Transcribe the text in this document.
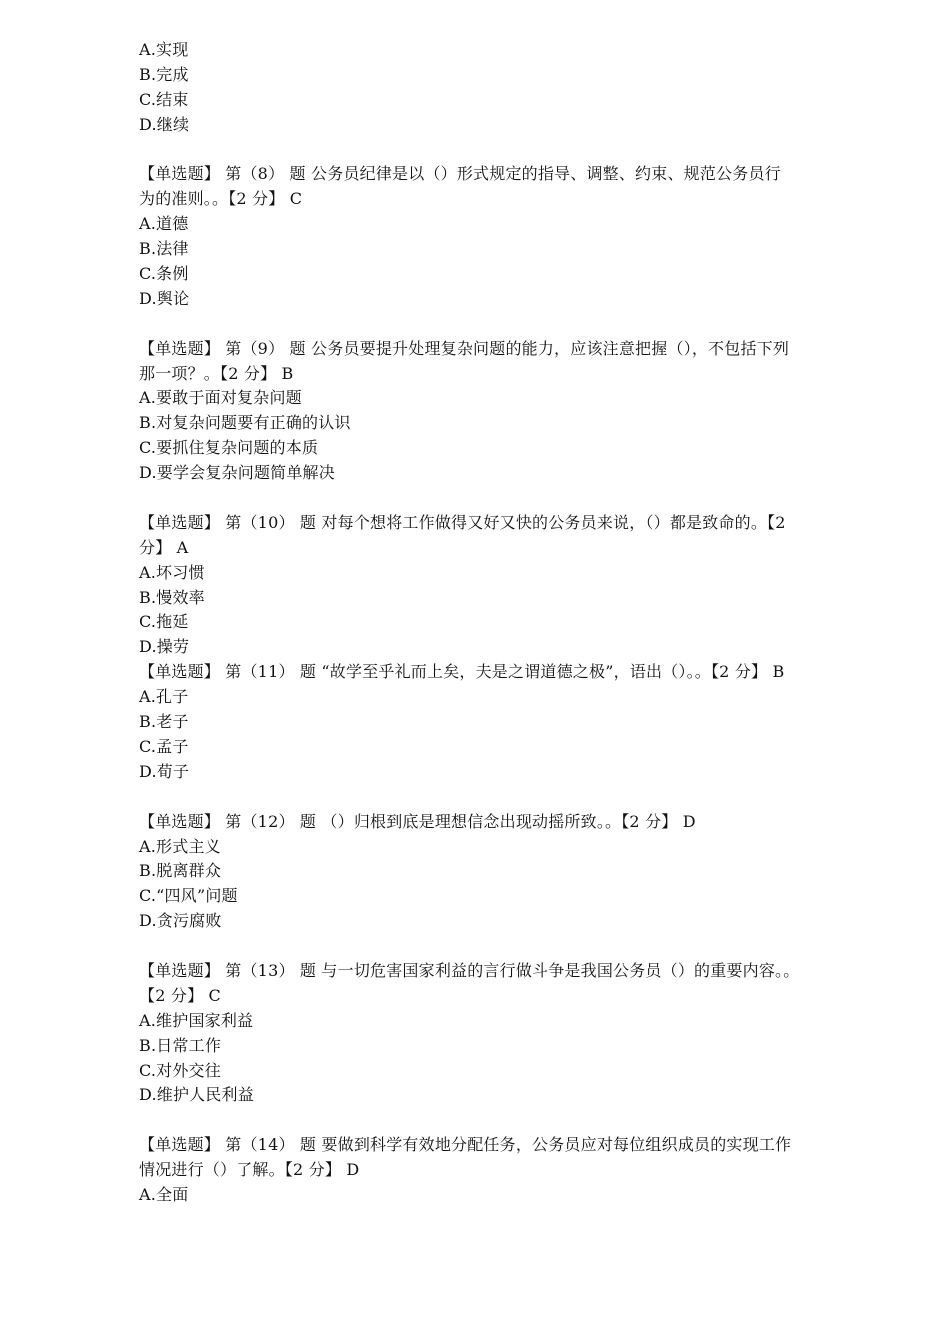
A.实现
B.完成
C.结束
D.继续
【单选题】 第（8） 题 公务员纪律是以（）形式规定的指导、调整、约束、规范公务员行
为的准则。。【2 分】 C
A.道德
B.法律
C.条例
D.舆论
【单选题】 第（9） 题 公务员要提升处理复杂问题的能力，应该注意把握（），不包括下列
那一项？。【2 分】 B
A.要敢于面对复杂问题
B.对复杂问题要有正确的认识
C.要抓住复杂问题的本质
D.要学会复杂问题简单解决
【单选题】 第（10） 题 对每个想将工作做得又好又快的公务员来说，（）都是致命的。【2
分】 A
A.坏习惯
B.慢效率
C.拖延
D.操劳
【单选题】 第（11） 题 “故学至乎礼而上矣，夫是之谓道德之极”，语出（）。。【2 分】 B
A.孔子
B.老子
C.孟子
D.荀子
【单选题】 第（12） 题 （）归根到底是理想信念出现动摇所致。。【2 分】 D
A.形式主义
B.脱离群众
C.“四风”问题
D.贪污腐败
【单选题】 第（13） 题 与一切危害国家利益的言行做斗争是我国公务员（）的重要内容。。
【2 分】 C
A.维护国家利益
B.日常工作
C.对外交往
D.维护人民利益
【单选题】 第（14） 题 要做到科学有效地分配任务，公务员应对每位组织成员的实现工作
情况进行（）了解。【2 分】 D
A.全面
